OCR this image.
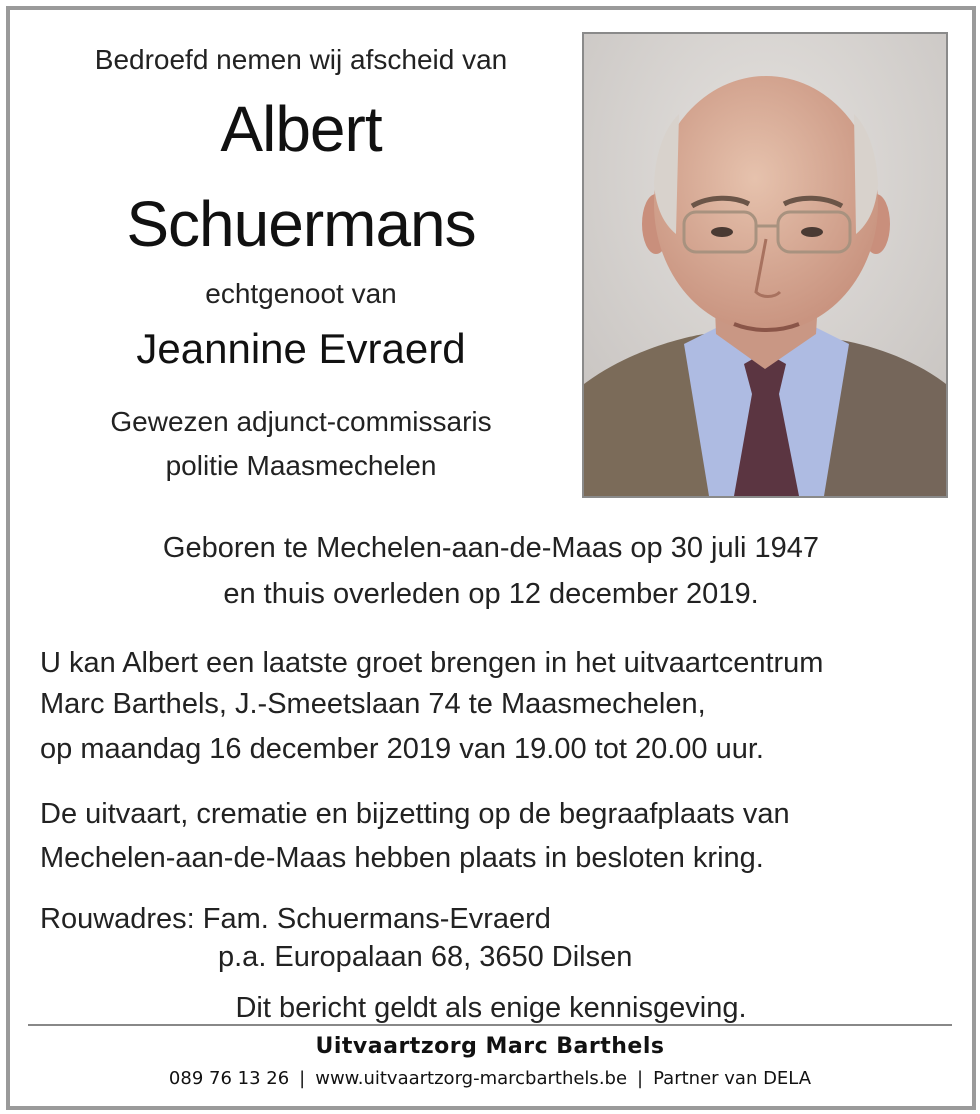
Bedroefd nemen wij afscheid van
Albert
Schuermans
echtgenoot van
Jeannine Evraerd
Gewezen adjunct-commissaris
politie Maasmechelen
Geboren te Mechelen-aan-de-Maas op 30 juli 1947
en thuis overleden op 12 december 2019.
U kan Albert een laatste groet brengen in het uitvaartcentrum
Marc Barthels, J.-Smeetslaan 74 te Maasmechelen,
op maandag 16 december 2019 van 19.00 tot 20.00 uur.
De uitvaart, crematie en bijzetting op de begraafplaats van
Mechelen-aan-de-Maas hebben plaats in besloten kring.
Rouwadres: Fam. Schuermans-Evraerd
p.a. Europalaan 68, 3650 Dilsen
Dit bericht geldt als enige kennisgeving.
Uitvaartzorg Marc Barthels
089 76 13 26 | www.uitvaartzorg-marcbarthels.be | Partner van DELA
